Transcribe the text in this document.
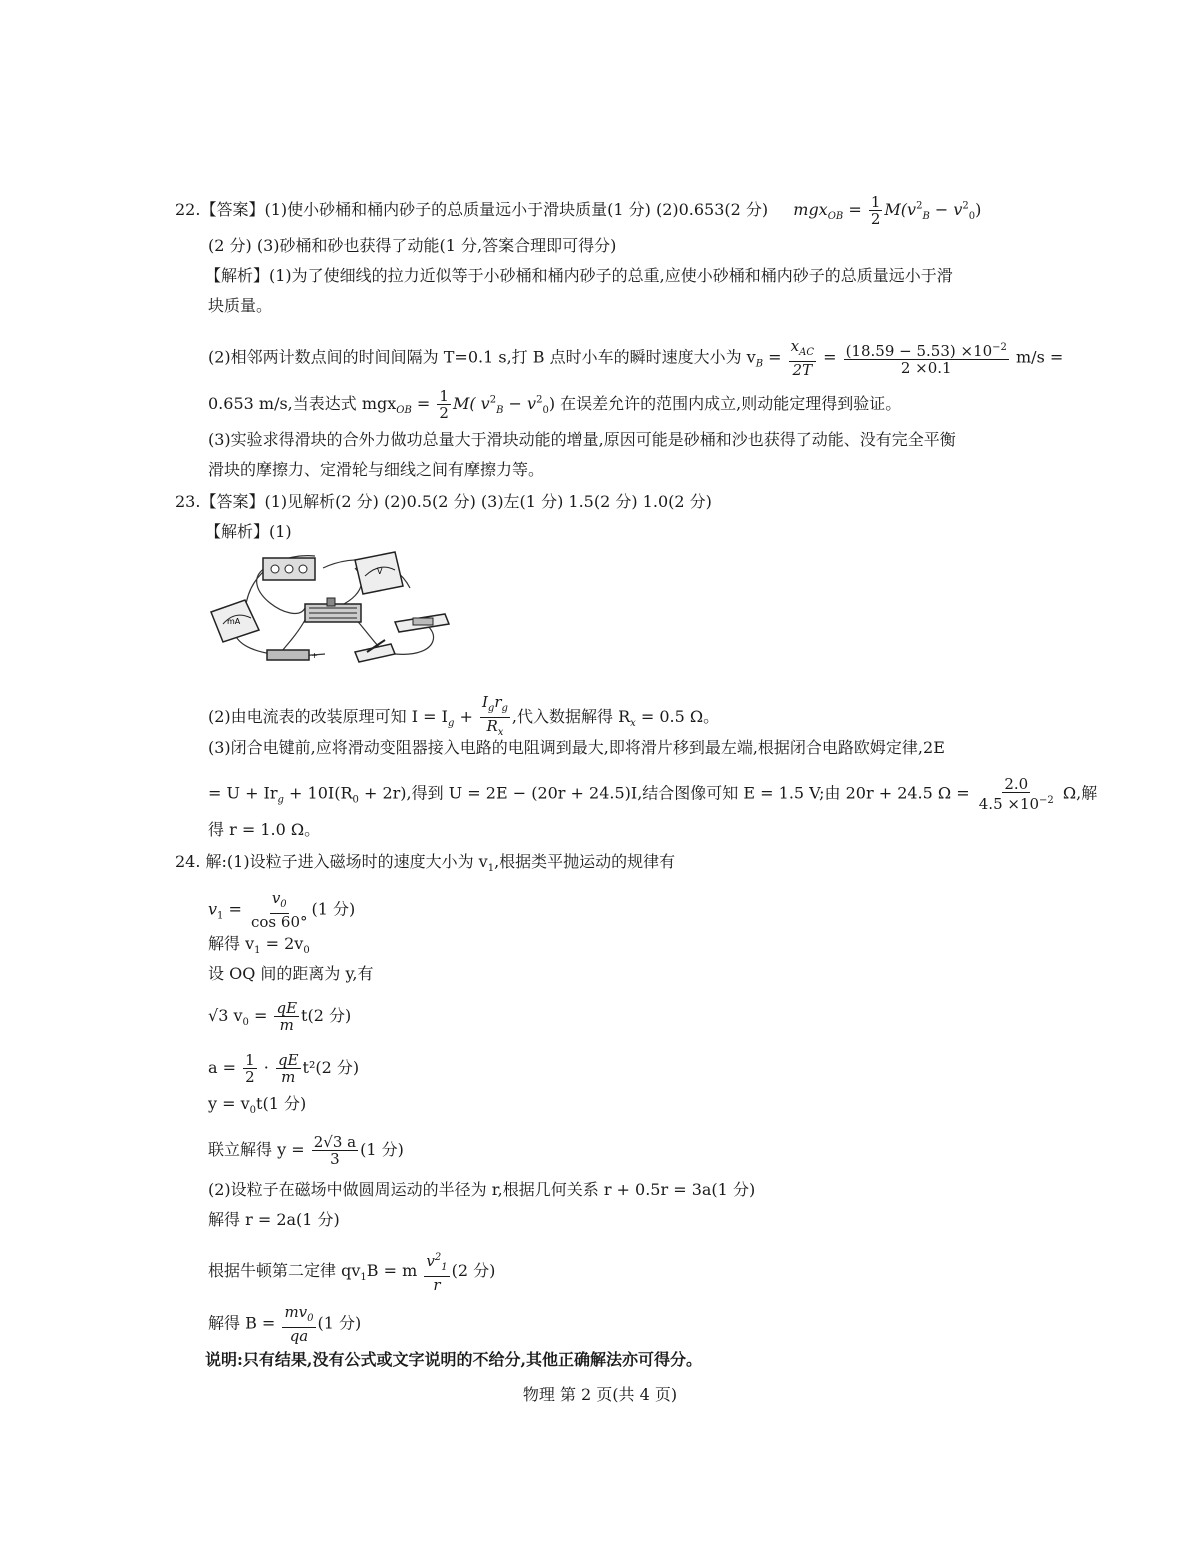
22.【答案】(1)使小砂桶和桶内砂子的总质量远小于滑块质量(1 分) (2)0.653(2 分) $mgx_{OB} = \frac{1}{2} M(v^2_B - v^2_0)$
(2 分) (3)砂桶和砂也获得了动能(1 分,答案合理即可得分)
【解析】(1)为了使细线的拉力近似等于小砂桶和桶内砂子的总重,应使小砂桶和桶内砂子的总质量远小于滑
块质量。
(2)相邻两计数点间的时间间隔为 T=0.1 s,打 B 点时小车的瞬时速度大小为 $v_B = \frac{x_{AC}}{2T} = \frac{(18.59 - 5.53) \times 10^{-2}}{2 \times 0.1} m/s$ =
0.653 m/s,当表达式 $mgx_{OB} = \frac{1}{2} M$( $v^2_B - v^2_0$) 在误差允许的范围内成立,则动能定理得到验证。
(3)实验求得滑块的合外力做功总量大于滑块动能的增量,原因可能是砂桶和沙也获得了动能、没有完全平衡
滑块的摩擦力、定滑轮与细线之间有摩擦力等。
23.【答案】(1)见解析(2 分) (2)0.5(2 分) (3)左(1 分) 1.5(2 分) 1.0(2 分)
【解析】(1)
V
mA
+
(2)由电流表的改装原理可知 $I = I_g + \frac{I_gr_g}{R_x}$ ,代入数据解得 $R_x = 0.5$ Ω。
(3)闭合电键前,应将滑动变阻器接入电路的电阻调到最大,即将滑片移到最左端,根据闭合电路欧姆定律,2E
= $U + Ir_g + 10I(R_0 + 2r)$,得到 U = 2E − (20r + 24.5)I,结合图像可知 E = 1.5 V;由 20r + 24.5 $\Omega = \frac{2.0}{4.5 \times 10^{-2}} \Omega$,解
得 r = 1.0 Ω。
24. 解:(1)设粒子进入磁场时的速度大小为 $v_1$,根据类平抛运动的规律有
$v_1 = \frac{v_0}{\cos 60^\circ} (1$ 分)
解得 $v_1 = 2v_0$
设 OQ 间的距离为 y,有
√3 $v_0 = \frac{qE}{m} t(2$ 分)
$a = \frac{1}{2} \cdot \frac{qE}{m} t^2(2$ 分)
$y = v_0t(1$ 分)
联立解得 $y = \frac{2√3 a}{3} (1$ 分)
(2)设粒子在磁场中做圆周运动的半径为 r,根据几何关系 r + 0.5r = 3a(1 分)
解得 r = 2a(1 分)
根据牛顿第二定律 $qv_1B = m \frac{v^2_1}{r} (2$ 分)
解得 $B = \frac{mv_0}{qa} (1$ 分)
说明:只有结果,没有公式或文字说明的不给分,其他正确解法亦可得分。
物理 第 2 页(共 4 页)
